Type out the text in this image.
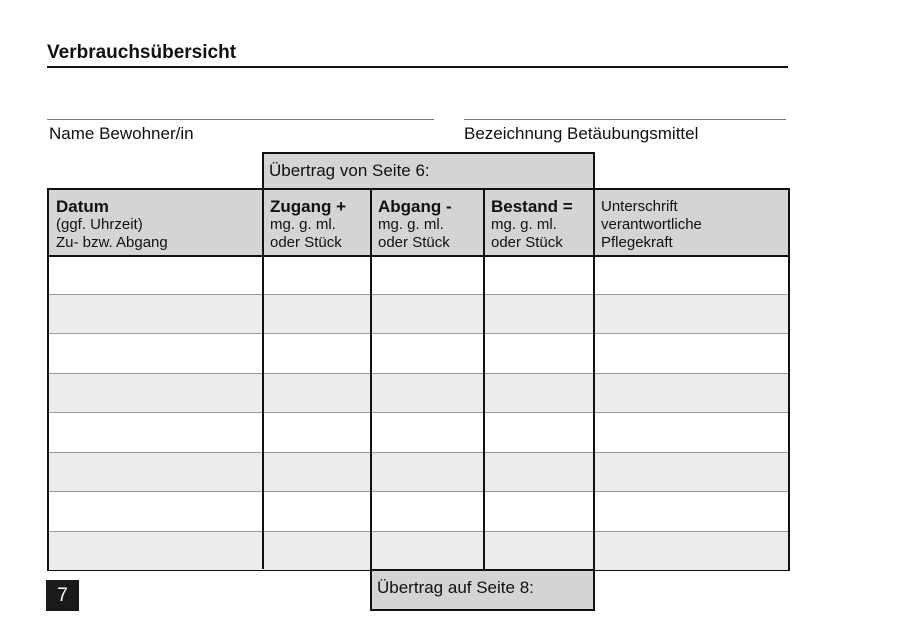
Verbrauchsübersicht
Name Bewohner/in	Bezeichnung Betäubungsmittel
Übertrag von Seite 6:
Datum
(ggf. Uhrzeit)
Zu- bzw. Abgang
Zugang +
mg. g. ml.
oder Stück
Abgang -
mg. g. ml.
oder Stück
Bestand =
mg. g. ml.
oder Stück
Unterschrift
verantwortliche
Pflegekraft
Übertrag auf Seite 8:
7
